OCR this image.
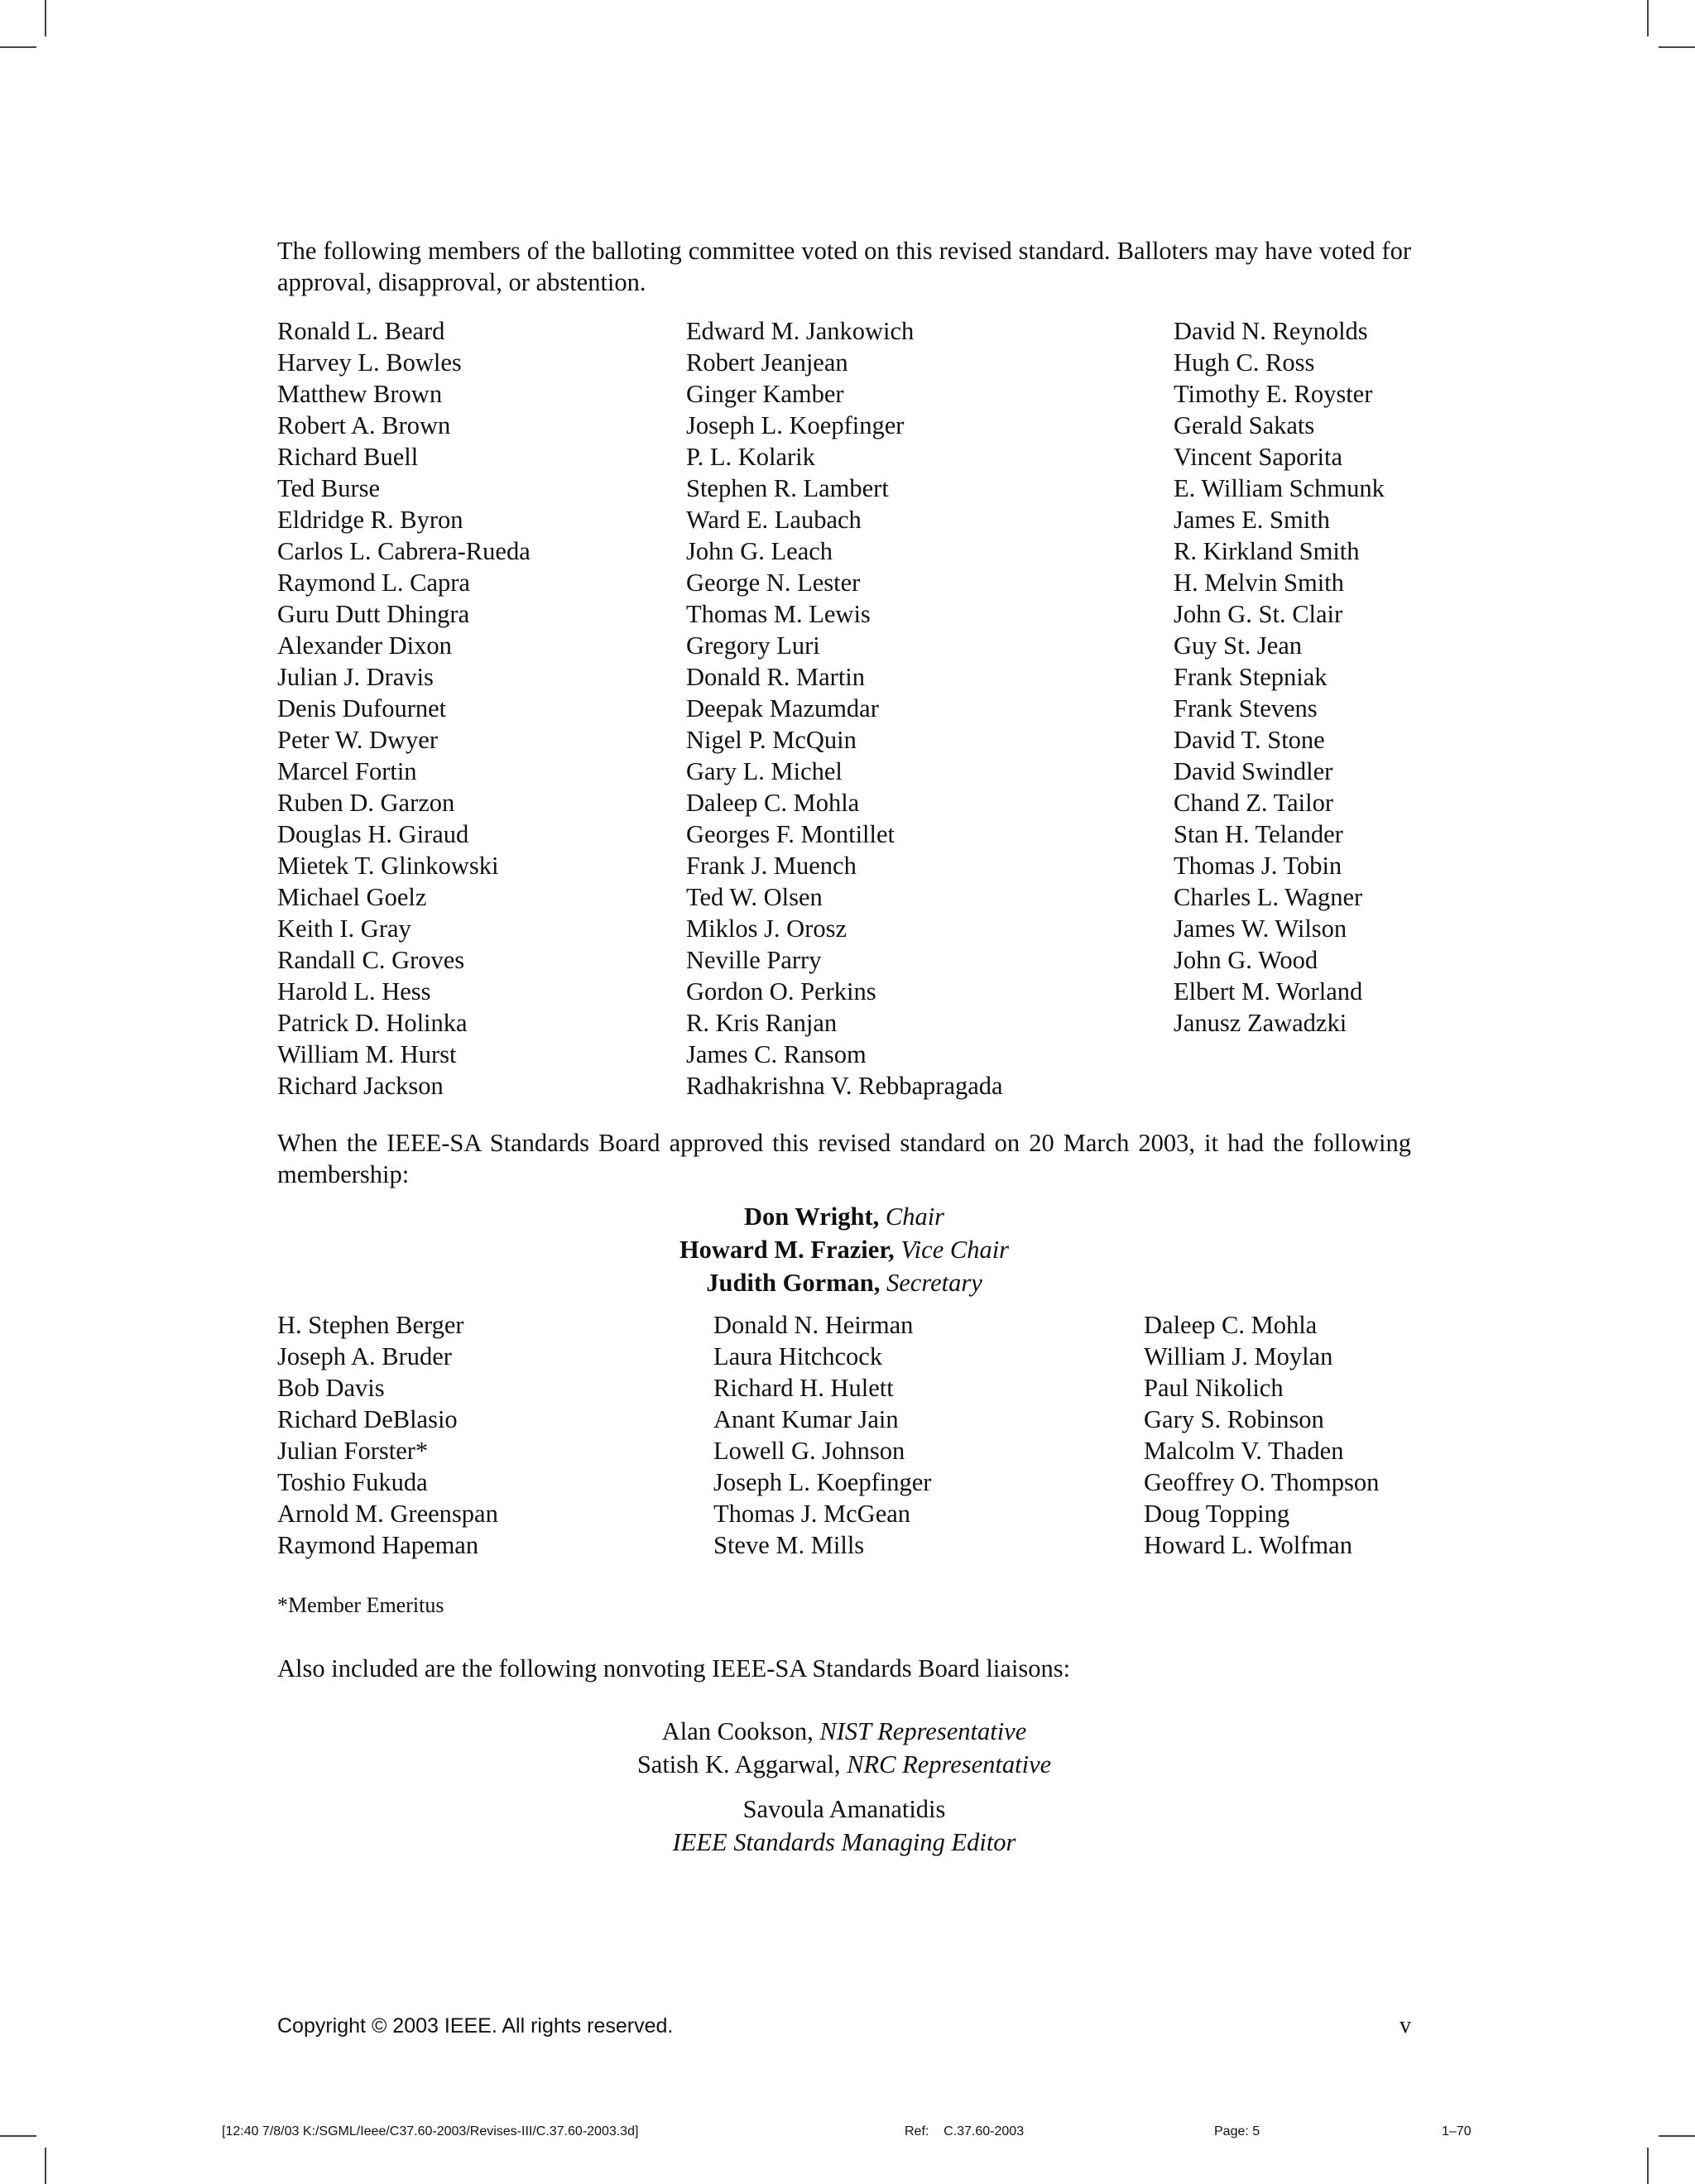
The following members of the balloting committee voted on this revised standard. Balloters may have voted for approval, disapproval, or abstention.

Ronald L. Beard
Harvey L. Bowles
Matthew Brown
Robert A. Brown
Richard Buell
Ted Burse
Eldridge R. Byron
Carlos L. Cabrera-Rueda
Raymond L. Capra
Guru Dutt Dhingra
Alexander Dixon
Julian J. Dravis
Denis Dufournet
Peter W. Dwyer
Marcel Fortin
Ruben D. Garzon
Douglas H. Giraud
Mietek T. Glinkowski
Michael Goelz
Keith I. Gray
Randall C. Groves
Harold L. Hess
Patrick D. Holinka
William M. Hurst
Richard Jackson
Edward M. Jankowich
Robert Jeanjean
Ginger Kamber
Joseph L. Koepfinger
P. L. Kolarik
Stephen R. Lambert
Ward E. Laubach
John G. Leach
George N. Lester
Thomas M. Lewis
Gregory Luri
Donald R. Martin
Deepak Mazumdar
Nigel P. McQuin
Gary L. Michel
Daleep C. Mohla
Georges F. Montillet
Frank J. Muench
Ted W. Olsen
Miklos J. Orosz
Neville Parry
Gordon O. Perkins
R. Kris Ranjan
James C. Ransom
Radhakrishna V. Rebbapragada
David N. Reynolds
Hugh C. Ross
Timothy E. Royster
Gerald Sakats
Vincent Saporita
E. William Schmunk
James E. Smith
R. Kirkland Smith
H. Melvin Smith
John G. St. Clair
Guy St. Jean
Frank Stepniak
Frank Stevens
David T. Stone
David Swindler
Chand Z. Tailor
Stan H. Telander
Thomas J. Tobin
Charles L. Wagner
James W. Wilson
John G. Wood
Elbert M. Worland
Janusz Zawadzki

When the IEEE-SA Standards Board approved this revised standard on 20 March 2003, it had the following membership:

Don Wright, Chair
Howard M. Frazier, Vice Chair
Judith Gorman, Secretary
H. Stephen Berger
Joseph A. Bruder
Bob Davis
Richard DeBlasio
Julian Forster*
Toshio Fukuda
Arnold M. Greenspan
Raymond Hapeman
Donald N. Heirman
Laura Hitchcock
Richard H. Hulett
Anant Kumar Jain
Lowell G. Johnson
Joseph L. Koepfinger
Thomas J. McGean
Steve M. Mills
Daleep C. Mohla
William J. Moylan
Paul Nikolich
Gary S. Robinson
Malcolm V. Thaden
Geoffrey O. Thompson
Doug Topping
Howard L. Wolfman
*Member Emeritus

Also included are the following nonvoting IEEE-SA Standards Board liaisons:

Alan Cookson, NIST Representative
Satish K. Aggarwal, NRC Representative
Savoula Amanatidis
IEEE Standards Managing Editor
Copyright © 2003 IEEE. All rights reserved.	v
[12:40 7/8/03 K:/SGML/Ieee/C37.60-2003/Revises-III/C.37.60-2003.3d]	Ref:    C.37.60-2003	Page: 5	1–70
